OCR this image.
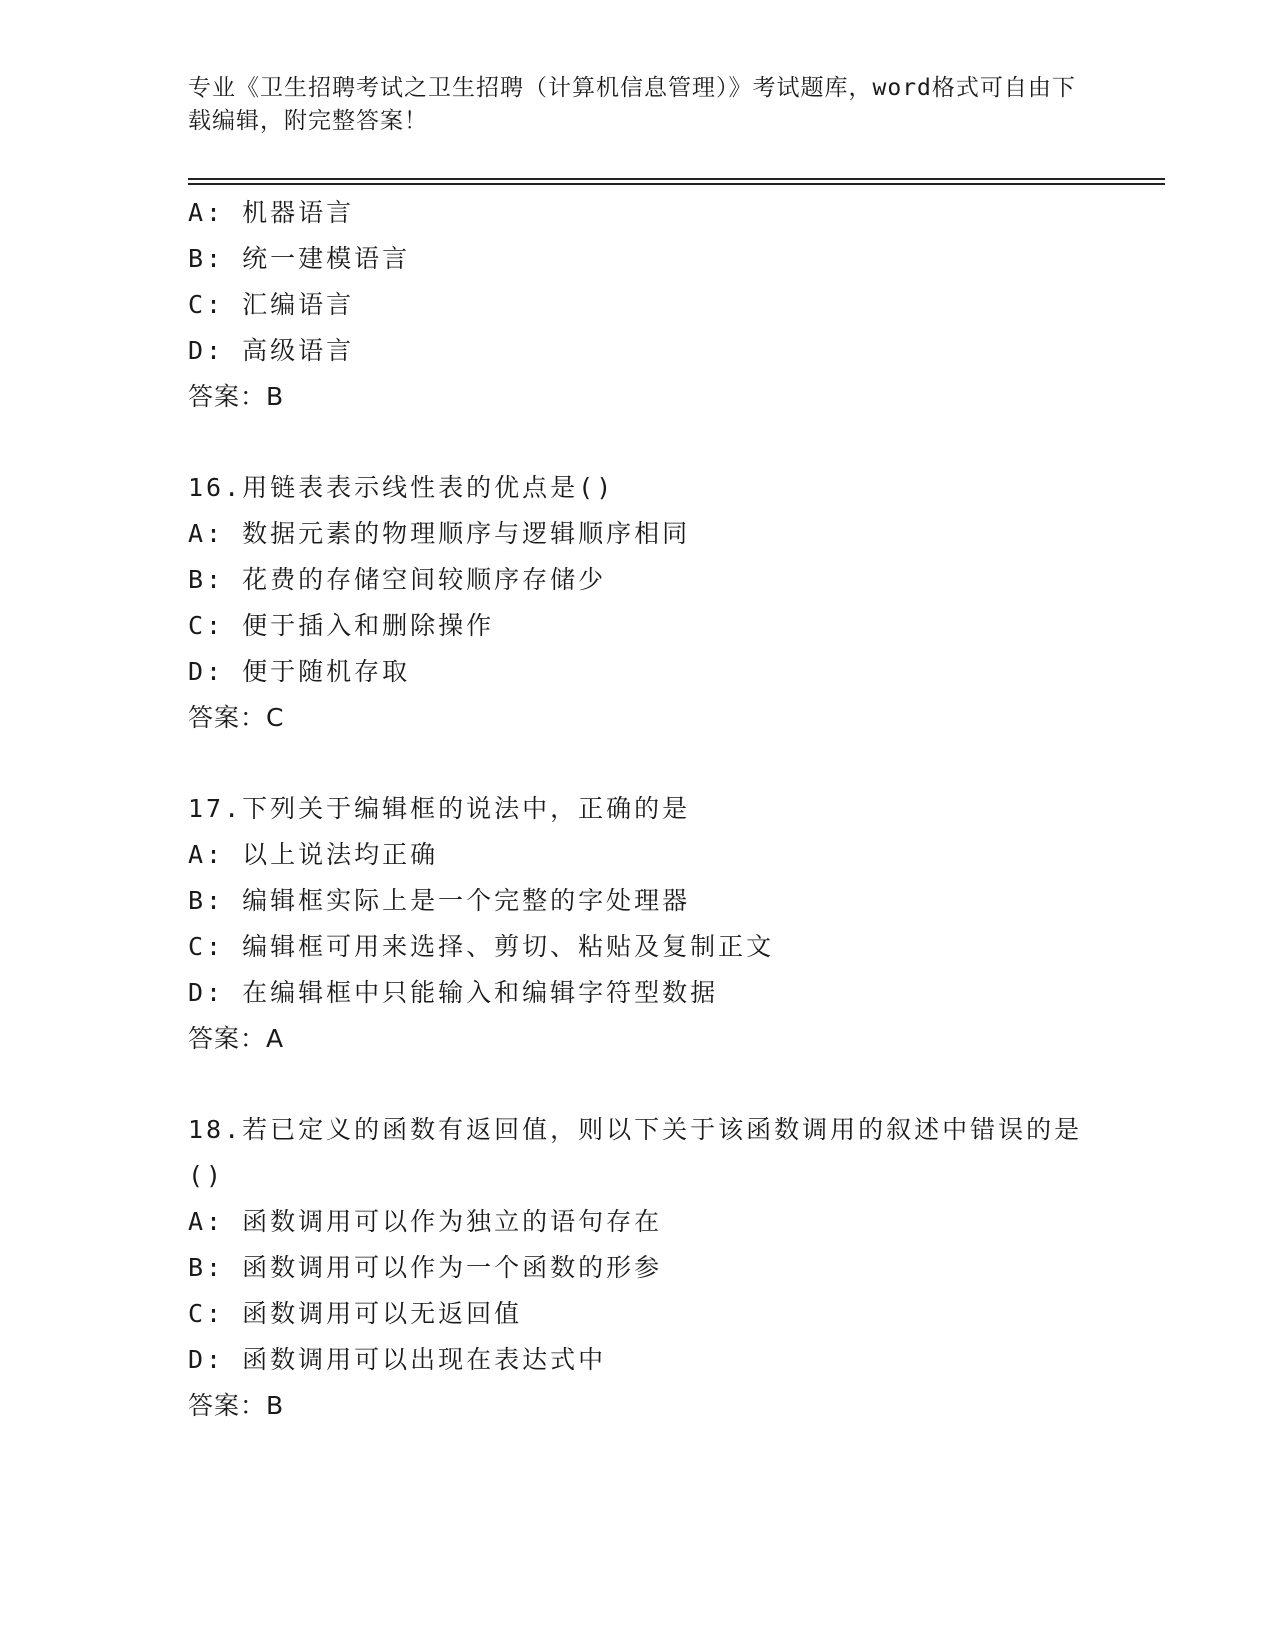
专业《卫生招聘考试之卫生招聘（计算机信息管理）》考试题库，word格式可自由下载编辑，附完整答案！
A: 机器语言
B: 统一建模语言
C: 汇编语言
D: 高级语言
答案：B
16.用链表表示线性表的优点是()
A: 数据元素的物理顺序与逻辑顺序相同
B: 花费的存储空间较顺序存储少
C: 便于插入和删除操作
D: 便于随机存取
答案：C
17.下列关于编辑框的说法中，正确的是
A: 以上说法均正确
B: 编辑框实际上是一个完整的字处理器
C: 编辑框可用来选择、剪切、粘贴及复制正文
D: 在编辑框中只能输入和编辑字符型数据
答案：A
18.若已定义的函数有返回值，则以下关于该函数调用的叙述中错误的是()
A: 函数调用可以作为独立的语句存在
B: 函数调用可以作为一个函数的形参
C: 函数调用可以无返回值
D: 函数调用可以出现在表达式中
答案：B
